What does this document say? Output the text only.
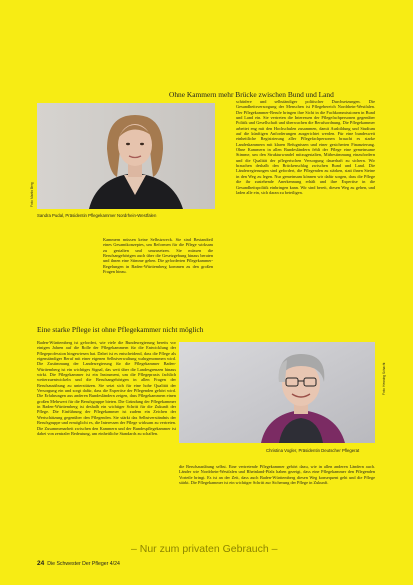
Ohne Kammern mehr Brücke zwischen Bund und Land
Foto: Martin Berg
Sandra Pudal, Präsidentin Pflegekammer Nordrhein-Westfalen
Kammern müssen keine Selbstzweck. Sie sind Bestandteil eines Gesamtkonzeptes, um Reformen für die Pflege wirksam zu gestalten und umzusetzen. Sie müssen die Berufsangehörigen auch über die Gesetzgebung hinaus beraten und ihnen eine Stimme geben. Die geforderten Pflegekammer-Regelungen in Baden-Württemberg kommen zu den großen Fragen hinzu.
schärfere und selbständiger politischer Durchsetzungen. Die Gesundheitsversorgung der Menschen ist Pflegebereich Nordrhein-Westfalen. Der Pflegekammer-Berufe bringen ihre Sicht in die Fachkommissionen in Bund und Land ein. Sie vertreten die Interessen der Pflegefachpersonen gegenüber Politik und Gesellschaft und überwachen die Berufsordnung. Die Pflegekammer arbeitet eng mit den Hochschulen zusammen, damit Ausbildung und Studium auf die künftigen Anforderungen ausgerichtet werden. Für eine bundesweit einheitliche Registrierung aller Pflegefachpersonen braucht es starke Landeskammern mit klaren Befugnissen und einer gesicherten Finanzierung. Ohne Kammern in allen Bundesländern fehlt der Pflege eine gemeinsame Stimme, um den Strukturwandel mitzugestalten, Mitbestimmung einzufordern und die Qualität der pflegerischen Versorgung dauerhaft zu sichern. Wir brauchen deshalb den Brückenschlag zwischen Bund und Land. Die Länderregierungen sind gefordert, die Pflegenden zu stärken, statt ihnen Steine in den Weg zu legen. Nur gemeinsam können wir dafür sorgen, dass die Pflege die ihr zustehende Anerkennung erhält und ihre Expertise in die Gesundheitspolitik einbringen kann. Wir sind bereit, diesen Weg zu gehen, und laden alle ein, sich daran zu beteiligen.
Eine starke Pflege ist ohne Pflegekammer nicht möglich
Baden-Württemberg ist gefordert, wie viele die Bundesregierung bereits vor einigen Jahren auf die Rolle der Pflegekammern für die Entwicklung der Pflegeprofession hingewiesen hat. Dabei ist es entscheidend, dass die Pflege als eigenständiger Beruf mit einer eigenen Selbstverwaltung wahrgenommen wird. Die Zustimmung der Landesregierung für die Pflegekammer Baden-Württemberg ist ein wichtiges Signal, das weit über die Landesgrenzen hinaus wirkt. Die Pflegekammer ist ein Instrument, um die Pflegepraxis fachlich weiterzuentwickeln und die Berufsangehörigen in allen Fragen der Berufsausübung zu unterstützen. Sie setzt sich für eine hohe Qualität der Versorgung ein und sorgt dafür, dass die Expertise der Pflegenden gehört wird. Die Erfahrungen aus anderen Bundesländern zeigen, dass Pflegekammern einen großen Mehrwert für die Berufsgruppe bieten. Die Gründung der Pflegekammer in Baden-Württemberg ist deshalb ein wichtiger Schritt für die Zukunft der Pflege. Die Einführung der Pflegekammer ist zudem ein Zeichen der Wertschätzung gegenüber den Pflegenden. Sie stärkt das Selbstverständnis der Berufsgruppe und ermöglicht es, die Interessen der Pflege wirksam zu vertreten. Die Zusammenarbeit zwischen den Kammern und der Bundespflegekammer ist dabei von zentraler Bedeutung, um einheitliche Standards zu schaffen.
Foto: Henning Schacht
Christina Vogler, Präsidentin Deutscher Pflegerat
die Berufsausübung selbst. Eine vertretende Pflegekammer gehört dazu, wie in allen anderen Ländern auch. Länder wie Nordrhein-Westfalen und Rheinland-Pfalz haben gezeigt, dass eine Pflegekammer den Pflegenden Vorteile bringt. Es ist an der Zeit, dass auch Baden-Württemberg diesen Weg konsequent geht und die Pflege stärkt. Die Pflegekammer ist ein wichtiger Schritt zur Sicherung der Pflege in Zukunft.
– Nur zum privaten Gebrauch –
24 Die Schwester Der Pfleger 4/24
